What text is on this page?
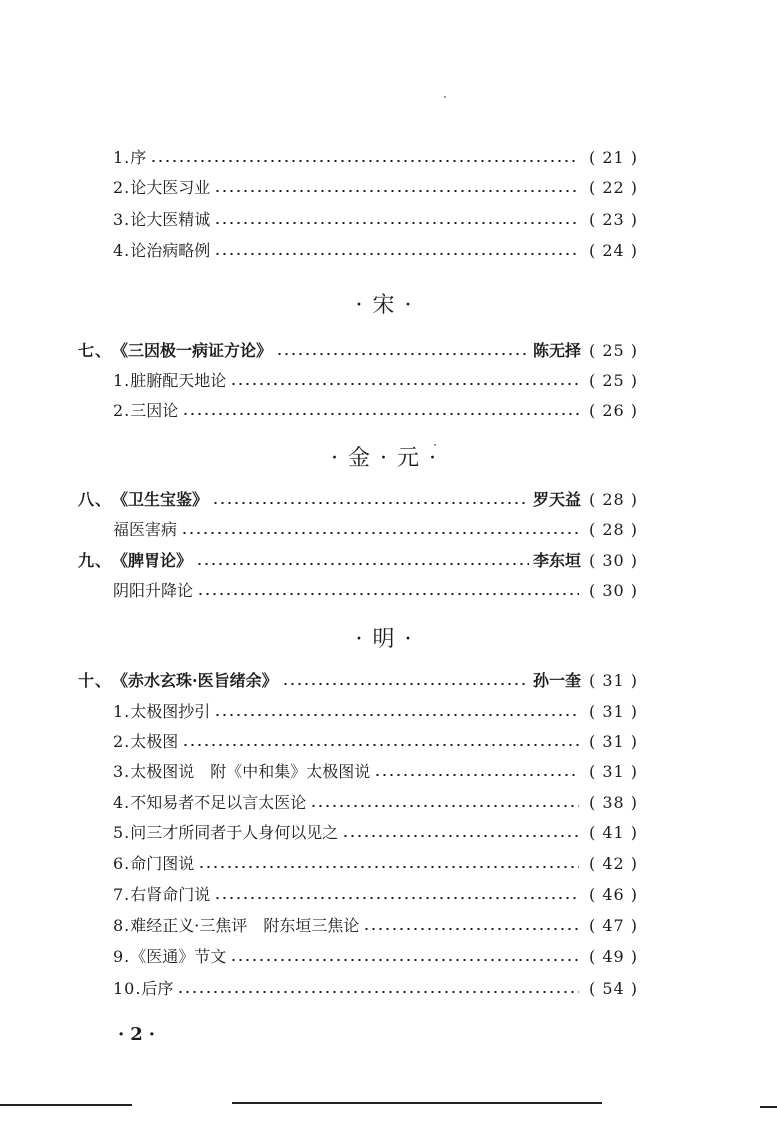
1. 序	( 21 )
2. 论大医习业	( 22 )
3. 论大医精诚	( 23 )
4. 论治病略例	( 24 )
·宋·
七、 《三因极一病证方论》	陈无择 ( 25 )
1. 脏腑配天地论	( 25 )
2. 三因论	( 26 )
·金·元·
八、 《卫生宝鉴》	罗天益 ( 28 )
福医害病	( 28 )
九、 《脾胃论》	李东垣 ( 30 )
阴阳升降论	( 30 )
·明·
十、 《赤水玄珠·医旨绪余》	孙一奎 ( 31 )
1. 太极图抄引	( 31 )
2. 太极图	( 31 )
3. 太极图说　附《中和集》太极图说	( 31 )
4. 不知易者不足以言太医论	( 38 )
5. 问三才所同者于人身何以见之	( 41 )
6. 命门图说	( 42 )
7. 右肾命门说	( 46 )
8. 难经正义·三焦评　附东垣三焦论	( 47 )
9. 《医通》节文	( 49 )
10. 后序	( 54 )
·2·
